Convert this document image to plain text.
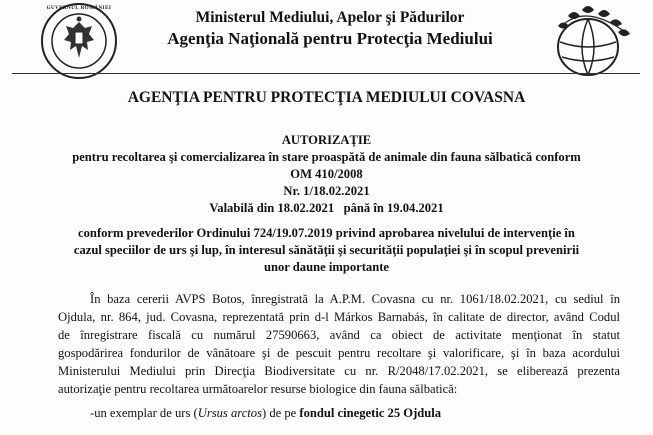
GUVERNUL ROMÂNIEI
Ministerul Mediului, Apelor şi Pădurilor
Agenţia Naţională pentru Protecţia Mediului
AGENŢIA PENTRU PROTECŢIA MEDIULUI COVASNA
AUTORIZAŢIE
pentru recoltarea şi comercializarea în stare proaspătă de animale din fauna sălbatică conform
OM 410/2008
Nr. 1/18.02.2021
Valabilă din 18.02.2021   până în 19.04.2021
conform prevederilor Ordinului 724/19.07.2019 privind aprobarea nivelului de intervenţie în
cazul speciilor de urs şi lup, în interesul sănătăţii şi securităţii populaţiei şi în scopul prevenirii
unor daune importante
În baza cererii AVPS Botos, înregistrată la A.P.M. Covasna cu nr. 1061/18.02.2021, cu sediul în
Ojdula, nr. 864, jud. Covasna, reprezentată prin d-l Márkos Barnabás, în calitate de director, având Codul
de înregistrare fiscală cu numărul 27590663, având ca obiect de activitate menţionat în statut
gospodărirea fondurilor de vânătoare şi de pescuit pentru recoltare şi valorificare, şi în baza acordului
Ministerului Mediului prin Direcţia Biodiversitate cu nr. R/2048/17.02.2021, se eliberează prezenta
autorizaţie pentru recoltarea următoarelor resurse biologice din fauna sălbatică:
-un exemplar de urs (Ursus arctos) de pe fondul cinegetic 25 Ojdula
